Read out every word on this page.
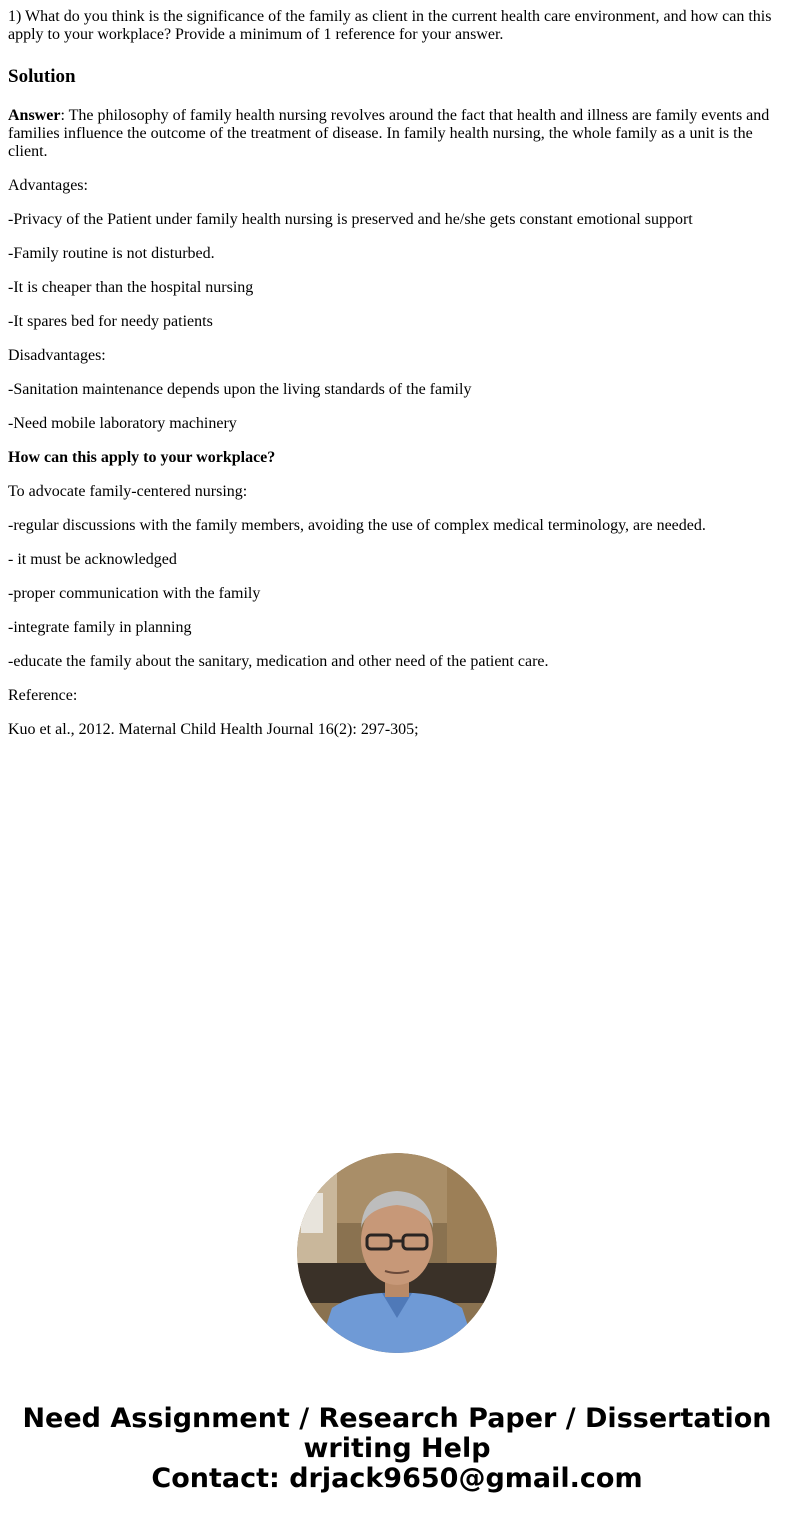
1) What do you think is the significance of the family as client in the current health care environment, and how can this apply to your workplace? Provide a minimum of 1 reference for your answer.

Solution

Answer: The philosophy of family health nursing revolves around the fact that health and illness are family events and families influence the outcome of the treatment of disease. In family health nursing, the whole family as a unit is the client.

Advantages:

-Privacy of the Patient under family health nursing is preserved and he/she gets constant emotional support

-Family routine is not disturbed.

-It is cheaper than the hospital nursing

-It spares bed for needy patients

Disadvantages:

-Sanitation maintenance depends upon the living standards of the family

-Need mobile laboratory machinery

How can this apply to your workplace?

To advocate family-centered nursing:

-regular discussions with the family members, avoiding the use of complex medical terminology, are needed.

- it must be acknowledged

-proper communication with the family

-integrate family in planning

-educate the family about the sanitary, medication and other need of the patient care.

Reference:

Kuo et al., 2012. Maternal Child Health Journal 16(2): 297-305;

Need Assignment / Research Paper / Dissertation
writing Help
Contact: drjack9650@gmail.com
